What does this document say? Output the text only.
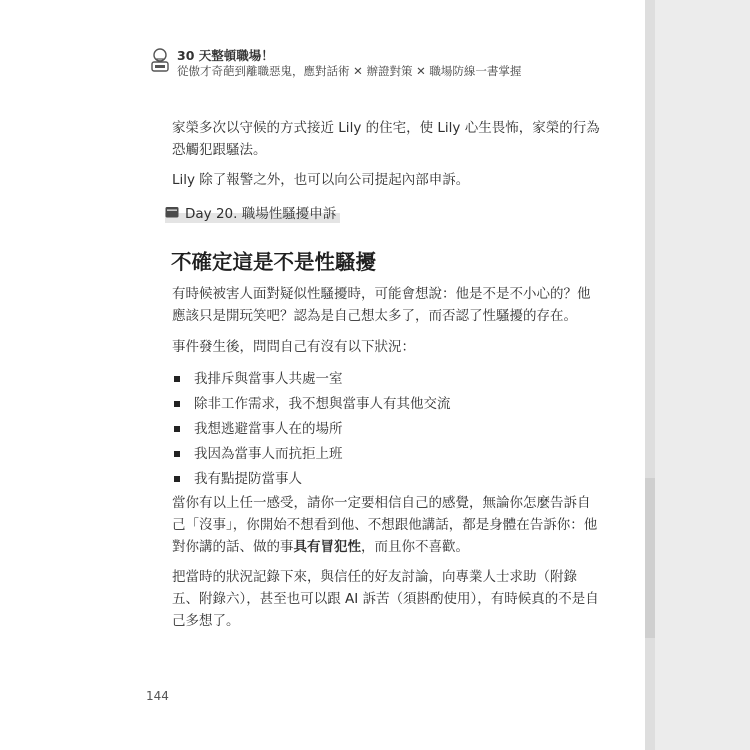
30 天整頓職場！
從傲才奇葩到離職惡鬼，應對話術 ✕ 辦證對策 ✕ 職場防線一書掌握
家榮多次以守候的方式接近 Lily 的住宅，使 Lily 心生畏怖，家榮的行為恐觸犯跟騷法。
Lily 除了報警之外，也可以向公司提起內部申訴。
Day 20. 職場性騷擾申訴
不確定這是不是性騷擾
有時候被害人面對疑似性騷擾時，可能會想說：他是不是不小心的？他應該只是開玩笑吧？認為是自己想太多了，而否認了性騷擾的存在。
事件發生後，問問自己有沒有以下狀況：
我排斥與當事人共處一室
除非工作需求，我不想與當事人有其他交流
我想逃避當事人在的場所
我因為當事人而抗拒上班
我有點提防當事人
當你有以上任一感受，請你一定要相信自己的感覺，無論你怎麼告訴自己「沒事」，你開始不想看到他、不想跟他講話，都是身體在告訴你：他對你講的話、做的事具有冒犯性，而且你不喜歡。
把當時的狀況記錄下來，與信任的好友討論，向專業人士求助（附錄五、附錄六），甚至也可以跟 AI 訴苦（須斟酌使用），有時候真的不是自己多想了。
144
